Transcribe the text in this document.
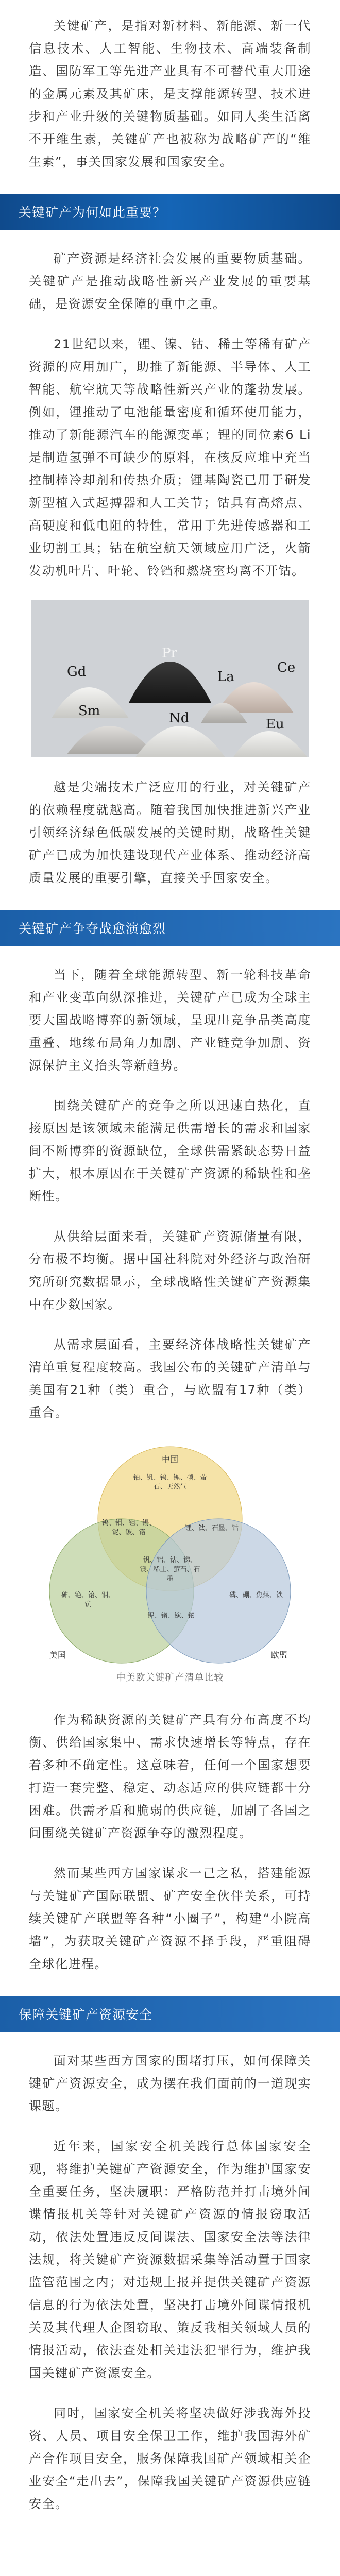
关键矿产，是指对新材料、新能源、新一代信息技术、人工智能、生物技术、高端装备制造、国防军工等先进产业具有不可替代重大用途的金属元素及其矿床，是支撑能源转型、技术进步和产业升级的关键物质基础。如同人类生活离不开维生素，关键矿产也被称为战略矿产的“维生素”，事关国家发展和国家安全。

关键矿产为何如此重要？

矿产资源是经济社会发展的重要物质基础。关键矿产是推动战略性新兴产业发展的重要基础，是资源安全保障的重中之重。

21世纪以来，锂、镍、钴、稀土等稀有矿产资源的应用加广，助推了新能源、半导体、人工智能、航空航天等战略性新兴产业的蓬勃发展。例如，锂推动了电池能量密度和循环使用能力，推动了新能源汽车的能源变革；锂的同位素6 Li是制造氢弹不可缺少的原料，在核反应堆中充当控制棒冷却剂和传热介质；锂基陶瓷已用于研发新型植入式起搏器和人工关节；钴具有高熔点、高硬度和低电阻的特性，常用于先进传感器和工业切割工具；钴在航空航天领域应用广泛，火箭发动机叶片、叶轮、铃铛和燃烧室均离不开钴。

Gd
Pr
La
Ce
Nd
Sm
Eu

越是尖端技术广泛应用的行业，对关键矿产的依赖程度就越高。随着我国加快推进新兴产业引领经济绿色低碳发展的关键时期，战略性关键矿产已成为加快建设现代产业体系、推动经济高质量发展的重要引擎，直接关乎国家安全。

关键矿产争夺战愈演愈烈

当下，随着全球能源转型、新一轮科技革命和产业变革向纵深推进，关键矿产已成为全球主要大国战略博弈的新领域，呈现出竞争品类高度重叠、地缘布局角力加剧、产业链竞争加剧、资源保护主义抬头等新趋势。

围绕关键矿产的竞争之所以迅速白热化，直接原因是该领域未能满足供需增长的需求和国家间不断博弈的资源缺位，全球供需紧缺态势日益扩大，根本原因在于关键矿产资源的稀缺性和垄断性。

从供给层面来看，关键矿产资源储量有限，分布极不均衡。据中国社科院对外经济与政治研究所研究数据显示，全球战略性关键矿产资源集中在少数国家。

从需求层面看，主要经济体战略性关键矿产清单重复程度较高。我国公布的关键矿产清单与美国有21种（类）重合，与欧盟有17种（类）重合。

中国
美国	欧盟
铀、钒、钨、锂、磷、萤石、天然气
钨、钼、钽、锡、铌、铍、铬
锂、钛、石墨、钴
钒、铝、钴、锑、镁、稀土、萤石、石墨
砷、铯、铪、铟、钪
铌、锗、镓、铋
磷、硼、焦煤、铁
中美欧关键矿产清单比较

作为稀缺资源的关键矿产具有分布高度不均衡、供给国家集中、需求快速增长等特点，存在着多种不确定性。这意味着，任何一个国家想要打造一套完整、稳定、动态适应的供应链都十分困难。供需矛盾和脆弱的供应链，加剧了各国之间围绕关键矿产资源争夺的激烈程度。

然而某些西方国家谋求一己之私，搭建能源与关键矿产国际联盟、矿产安全伙伴关系，可持续关键矿产联盟等各种“小圈子”，构建“小院高墙”，为获取关键矿产资源不择手段，严重阻碍全球化进程。

保障关键矿产资源安全

面对某些西方国家的围堵打压，如何保障关键矿产资源安全，成为摆在我们面前的一道现实课题。

近年来，国家安全机关践行总体国家安全观，将维护关键矿产资源安全，作为维护国家安全重要任务，坚决履职：严格防范并打击境外间谍情报机关等针对关键矿产资源的情报窃取活动，依法处置违反反间谍法、国家安全法等法律法规，将关键矿产资源数据采集等活动置于国家监管范围之内；对违规上报并提供关键矿产资源信息的行为依法处置，坚决打击境外间谍情报机关及其代理人企图窃取、策反我相关领域人员的情报活动，依法查处相关违法犯罪行为，维护我国关键矿产资源安全。

同时，国家安全机关将坚决做好涉我海外投资、人员、项目安全保卫工作，维护我国海外矿产合作项目安全，服务保障我国矿产领域相关企业安全“走出去”，保障我国关键矿产资源供应链安全。
